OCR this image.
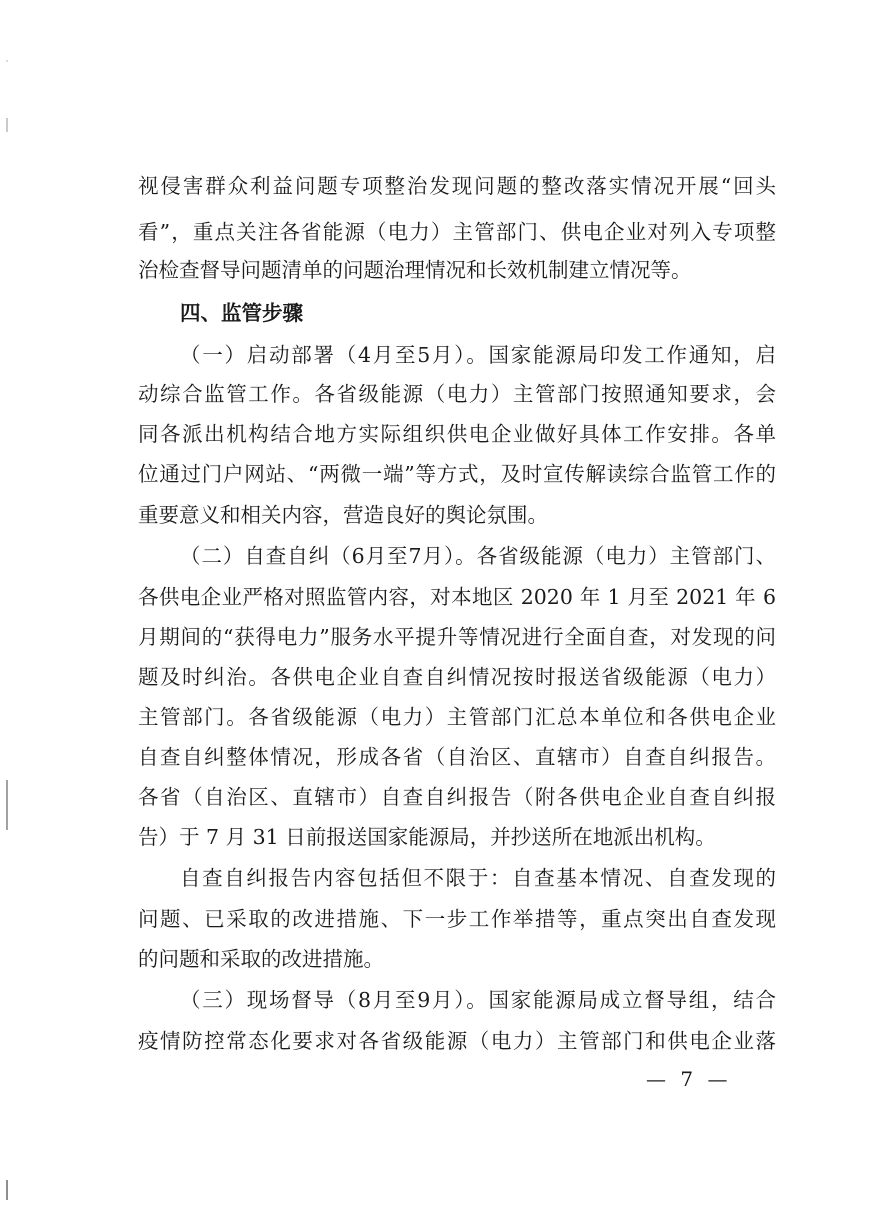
视侵害群众利益问题专项整治发现问题的整改落实情况开展“回头
看”，重点关注各省能源（电力）主管部门、供电企业对列入专项整
治检查督导问题清单的问题治理情况和长效机制建立情况等。
四、监管步骤
（一）启动部署（4月至5月）。国家能源局印发工作通知，启
动综合监管工作。各省级能源（电力）主管部门按照通知要求，会
同各派出机构结合地方实际组织供电企业做好具体工作安排。各单
位通过门户网站、“两微一端”等方式，及时宣传解读综合监管工作的
重要意义和相关内容，营造良好的舆论氛围。
（二）自查自纠（6月至7月）。各省级能源（电力）主管部门、
各供电企业严格对照监管内容，对本地区 2020 年 1 月至 2021 年 6
月期间的“获得电力”服务水平提升等情况进行全面自查，对发现的问
题及时纠治。各供电企业自查自纠情况按时报送省级能源（电力）
主管部门。各省级能源（电力）主管部门汇总本单位和各供电企业
自查自纠整体情况，形成各省（自治区、直辖市）自查自纠报告。
各省（自治区、直辖市）自查自纠报告（附各供电企业自查自纠报
告）于 7 月 31 日前报送国家能源局，并抄送所在地派出机构。
自查自纠报告内容包括但不限于：自查基本情况、自查发现的
问题、已采取的改进措施、下一步工作举措等，重点突出自查发现
的问题和采取的改进措施。
（三）现场督导（8月至9月）。国家能源局成立督导组，结合
疫情防控常态化要求对各省级能源（电力）主管部门和供电企业落
— 7 —
